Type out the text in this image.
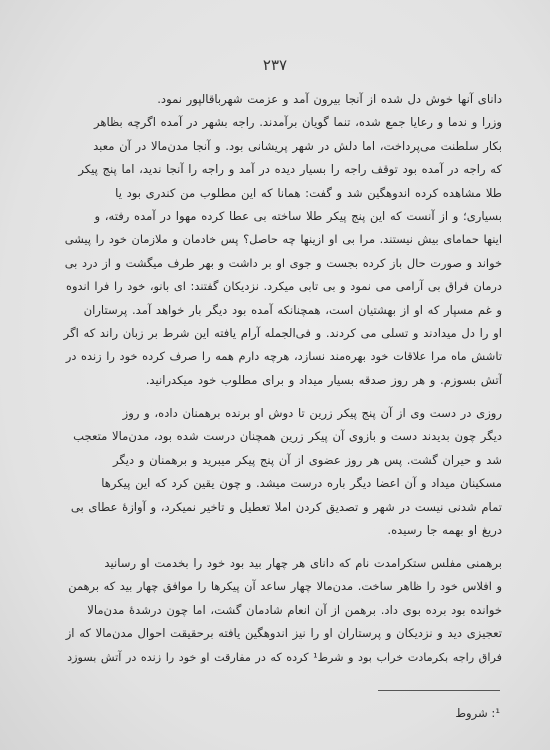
٢٣٧
دانای آنها خوش دل شده از آنجا بیرون آمد و عزمت شهرباقالپور نمود.
وزرا و ندما و رعایا جمع شده، تنما گویان برآمدند. راجه بشهر در آمده اگرچه بظاهر
بکار سلطنت می‌پرداخت، اما دلش در شهر پریشانی بود. و آنجا مدن‌مالا در آن معبد
که راجه در آمده بود توقف راجه را بسیار دیده در آمد و راجه را آنجا ندید، اما پنج پیکر
طلا مشاهده کرده اندوهگین شد و گفت: همانا که این مطلوب من کندری بود یا
بسیاری؛ و از آنست که این پنج پیکر طلا ساخته بی عطا کرده مهوا در آمده رفته، و
اینها حمامای بیش نیستند. مرا بی او ازینها چه حاصل؟ پس خادمان و ملازمان خود را پیشی
خواند و صورت حال باز کرده بجست و جوی او بر داشت و بهر طرف میگشت و از درد بی
درمان فراق بی آرامی می نمود و بی تابی میکرد. نزدیکان گفتند: ای بانو، خود را فرا اندوه
و غم مسپار که او از بهشتیان است، همچنانکه آمده بود دیگر بار خواهد آمد. پرستاران
او را دل میدادند و تسلی می کردند. و فی‌الجمله آرام یافته این شرط بر زبان راند که اگر
تاشش ماه مرا علاقات خود بهره‌مند نسازد، هرچه دارم همه را صرف کرده خود را زنده در
آتش بسوزم. و هر روز صدقه بسیار میداد و برای مطلوب خود میکدرانید.
روزی در دست وی از آن پنج پیکر زرین تا دوش او برنده برهمنان داده، و روز
دیگر چون بدیدند دست و بازوی آن پیکر زرین همچنان درست شده بود، مدن‌مالا متعجب
شد و حیران گشت. پس هر روز عضوی از آن پنج پیکر میبرید و برهمنان و دیگر
مسکینان میداد و آن اعضا دیگر باره درست میشد. و چون یقین کرد که این پیکرها
تمام شدنی نیست در شهر و تصدیق کردن املا تعطیل و تاخیر نمیکرد، و آوازهٔ عطای بی
دریغ او بهمه جا رسیده.
برهمنی مفلس ستکرامدت نام که دانای هر چهار بید بود خود را بخدمت او رسانید
و افلاس خود را ظاهر ساخت. مدن‌مالا چهار ساعد آن پیکرها را موافق چهار بید که برهمن
خوانده بود برده بوی داد. برهمن از آن انعام شادمان گشت، اما چون درشدهٔ مدن‌مالا
تعجیزی دید و نزدیکان و پرستاران او را نیز اندوهگین یافته برحقیقت احوال مدن‌مالا که از
فراق راجه بکرمادت خراب بود و شرط¹ کرده که در مفارقت او خود را زنده در آتش بسوزد
¹: شروط
